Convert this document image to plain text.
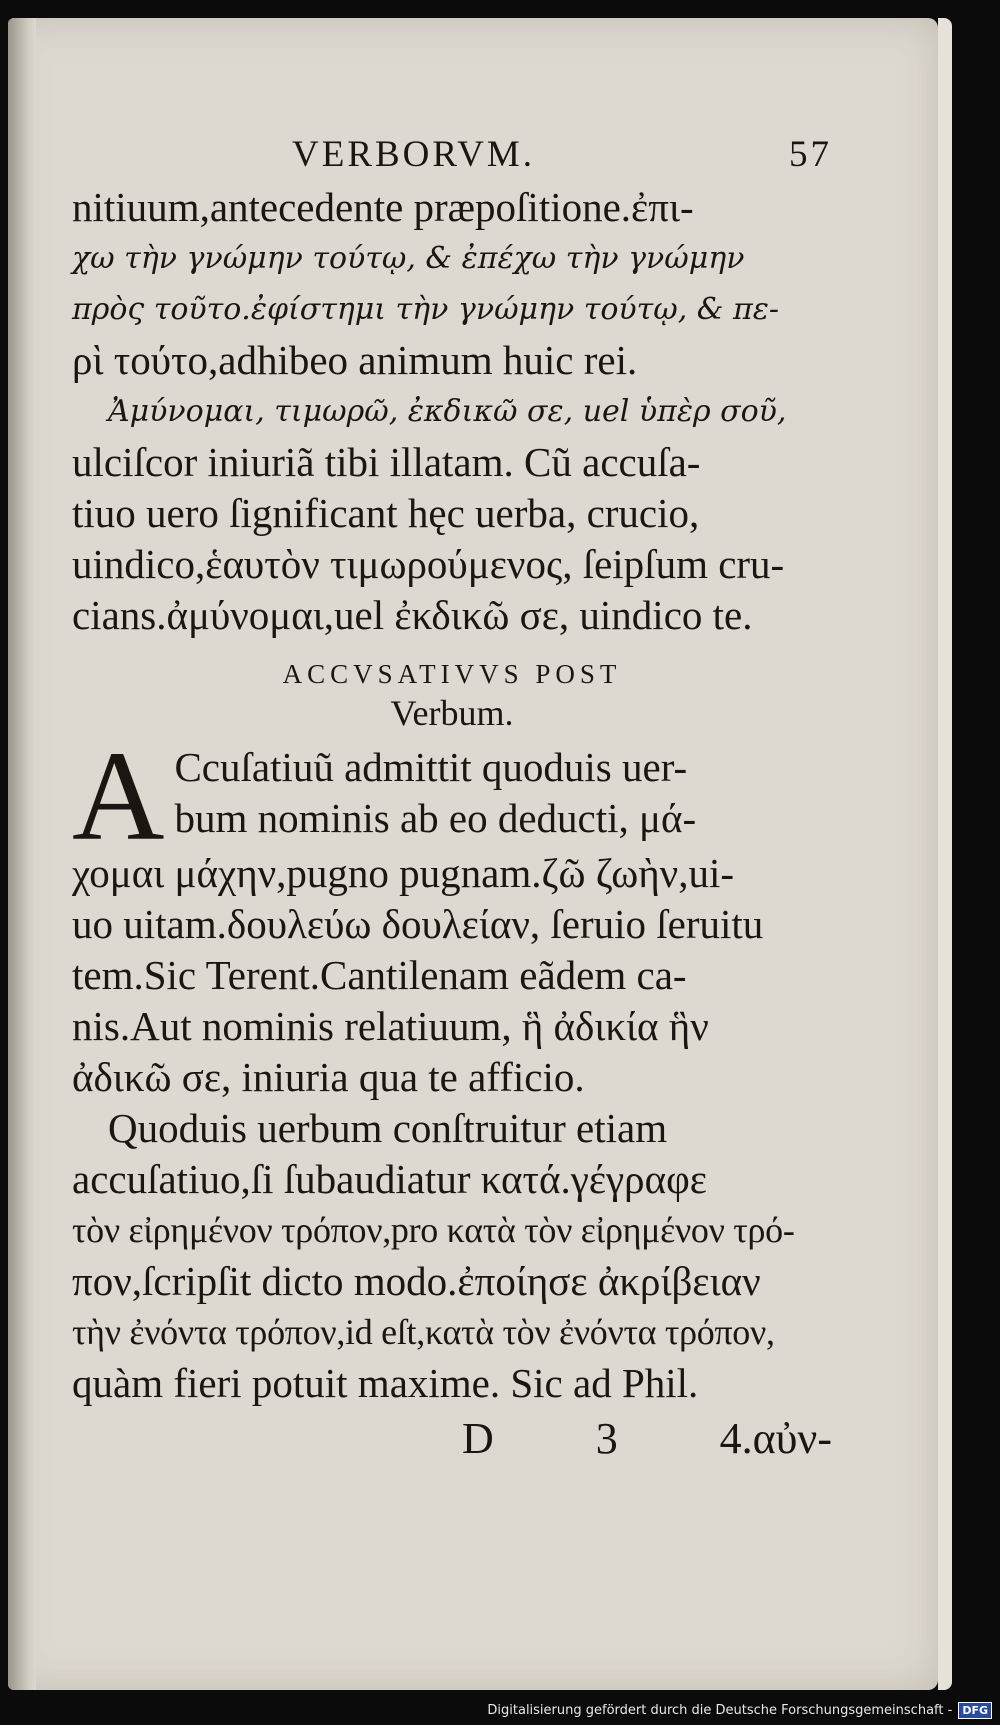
VERBORVM.	57
nitiuum,antecedente præpoſitione.ἐπι-
χω τὴν γνώμην τούτῳ, & ἐπέχω τὴν γνώμην
πρὸς τοῦτο.ἐφίστημι τὴν γνώμην τούτῳ, & πε-
ρὶ τούτο,adhibeo animum huic rei.
Ἀμύνομαι, τιμωρῶ, ἐκδικῶ σε, uel ὑπὲρ σοῦ,
ulciſcor iniuriã tibi illatam. Cũ accuſa-
tiuo uero ſignificant hęc uerba, crucio,
uindico,ἑαυτὸν τιμωρούμενος, ſeipſum cru-
cians.ἀμύνομαι,uel ἐκδικῶ σε, uindico te.
ACCVSATIVVS POST
Verbum.
A Ccuſatiuũ admittit quoduis uer-
bum nominis ab eo deducti, μά-
χομαι μάχην,pugno pugnam.ζῶ ζωὴν,ui-
uo uitam.δουλεύω δουλείαν, ſeruio ſeruitu
tem.Sic Terent.Cantilenam eãdem ca-
nis.Aut nominis relatiuum, ἣ ἀδικία ἣν
ἀδικῶ σε, iniuria qua te afficio.
Quoduis uerbum conſtruitur etiam
accuſatiuo,ſi ſubaudiatur κατά.γέγραφε
τὸν εἰρημένον τρόπον,pro κατὰ τὸν εἰρημένον τρό-
πον,ſcripſit dicto modo.ἐποίησε ἀκρίβειαν
τὴν ἐνόντα τρόπον,id eſt,κατὰ τὸν ἐνόντα τρόπον,
quàm fieri potuit maxime. Sic ad Phil.
D 3 4.αὐν-
Digitalisierung gefördert durch die Deutsche Forschungsgemeinschaft - DFG
